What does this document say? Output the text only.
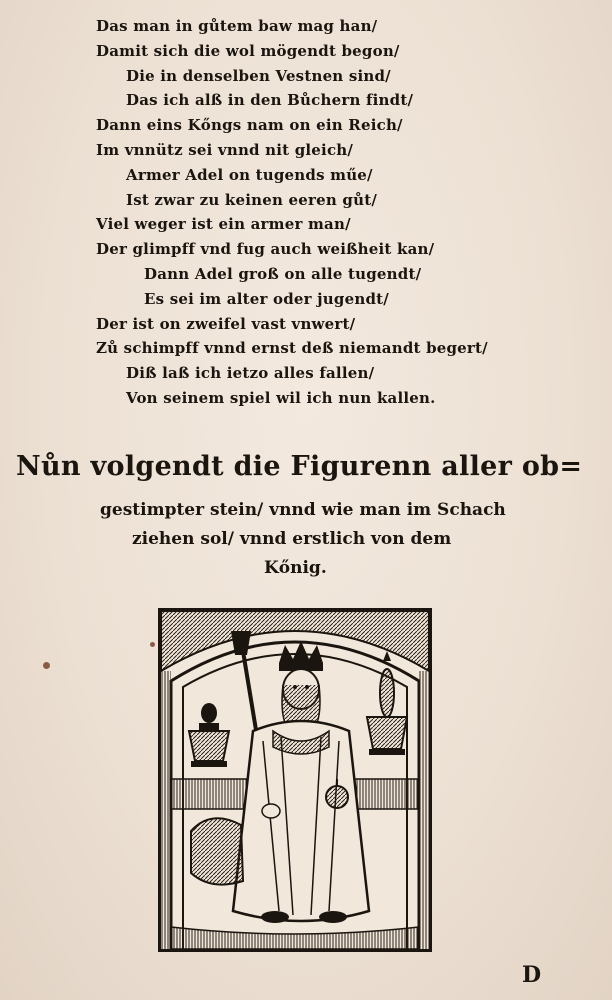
Das man in gůtem baw mag han/
Damit sich die wol mögendt begon/
Die in denselben Vestnen sind/
Das ich alß in den Bůchern findt/
Dann eins Kőngs nam on ein Reich/
Im vnnütz sei vnnd nit gleich/
Armer Adel on tugends műe/
Ist zwar zu keinen eeren gůt/
Viel weger ist ein armer man/
Der glimpff vnd fug auch weißheit kan/
Dann Adel groß on alle tugendt/
Es sei im alter oder jugendt/
Der ist on zweifel vast vnwert/
Zů schimpff vnnd ernst deß niemandt begert/
Diß laß ich ietzo alles fallen/
Von seinem spiel wil ich nun kallen.
Nůn volgendt die Figurenn aller ob=
gestimpter stein/ vnnd wie man im Schach
ziehen sol/ vnnd erstlich von dem
Kőnig.
D
